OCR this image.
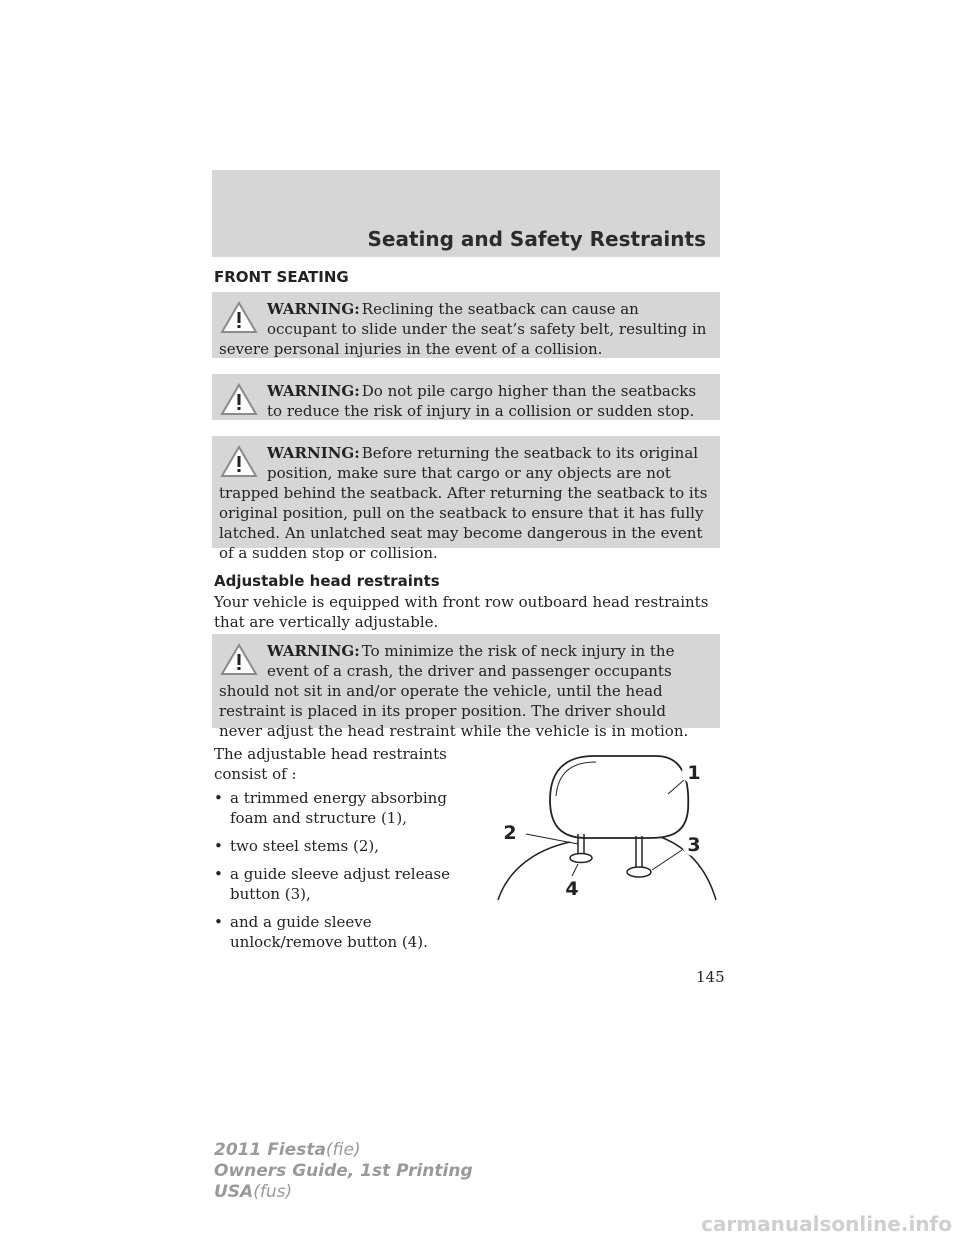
Seating and Safety Restraints
FRONT SEATING
WARNING: Reclining the seatback can cause an occupant to slide under the seat’s safety belt, resulting in severe personal injuries in the event of a collision.
WARNING: Do not pile cargo higher than the seatbacks to reduce the risk of injury in a collision or sudden stop.
WARNING: Before returning the seatback to its original position, make sure that cargo or any objects are not trapped behind the seatback. After returning the seatback to its original position, pull on the seatback to ensure that it has fully latched. An unlatched seat may become dangerous in the event of a sudden stop or collision.
Adjustable head restraints
Your vehicle is equipped with front row outboard head restraints that are vertically adjustable.
WARNING: To minimize the risk of neck injury in the event of a crash, the driver and passenger occupants should not sit in and/or operate the vehicle, until the head restraint is placed in its proper position. The driver should never adjust the head restraint while the vehicle is in motion.
The adjustable head restraints consist of :
• a trimmed energy absorbing foam and structure (1),
• two steel stems (2),
• a guide sleeve adjust release button (3),
• and a guide sleeve unlock/remove button (4).
1
2
3
4
145
2011 Fiesta(fie)
Owners Guide, 1st Printing
USA(fus)
carmanualsonline.info
